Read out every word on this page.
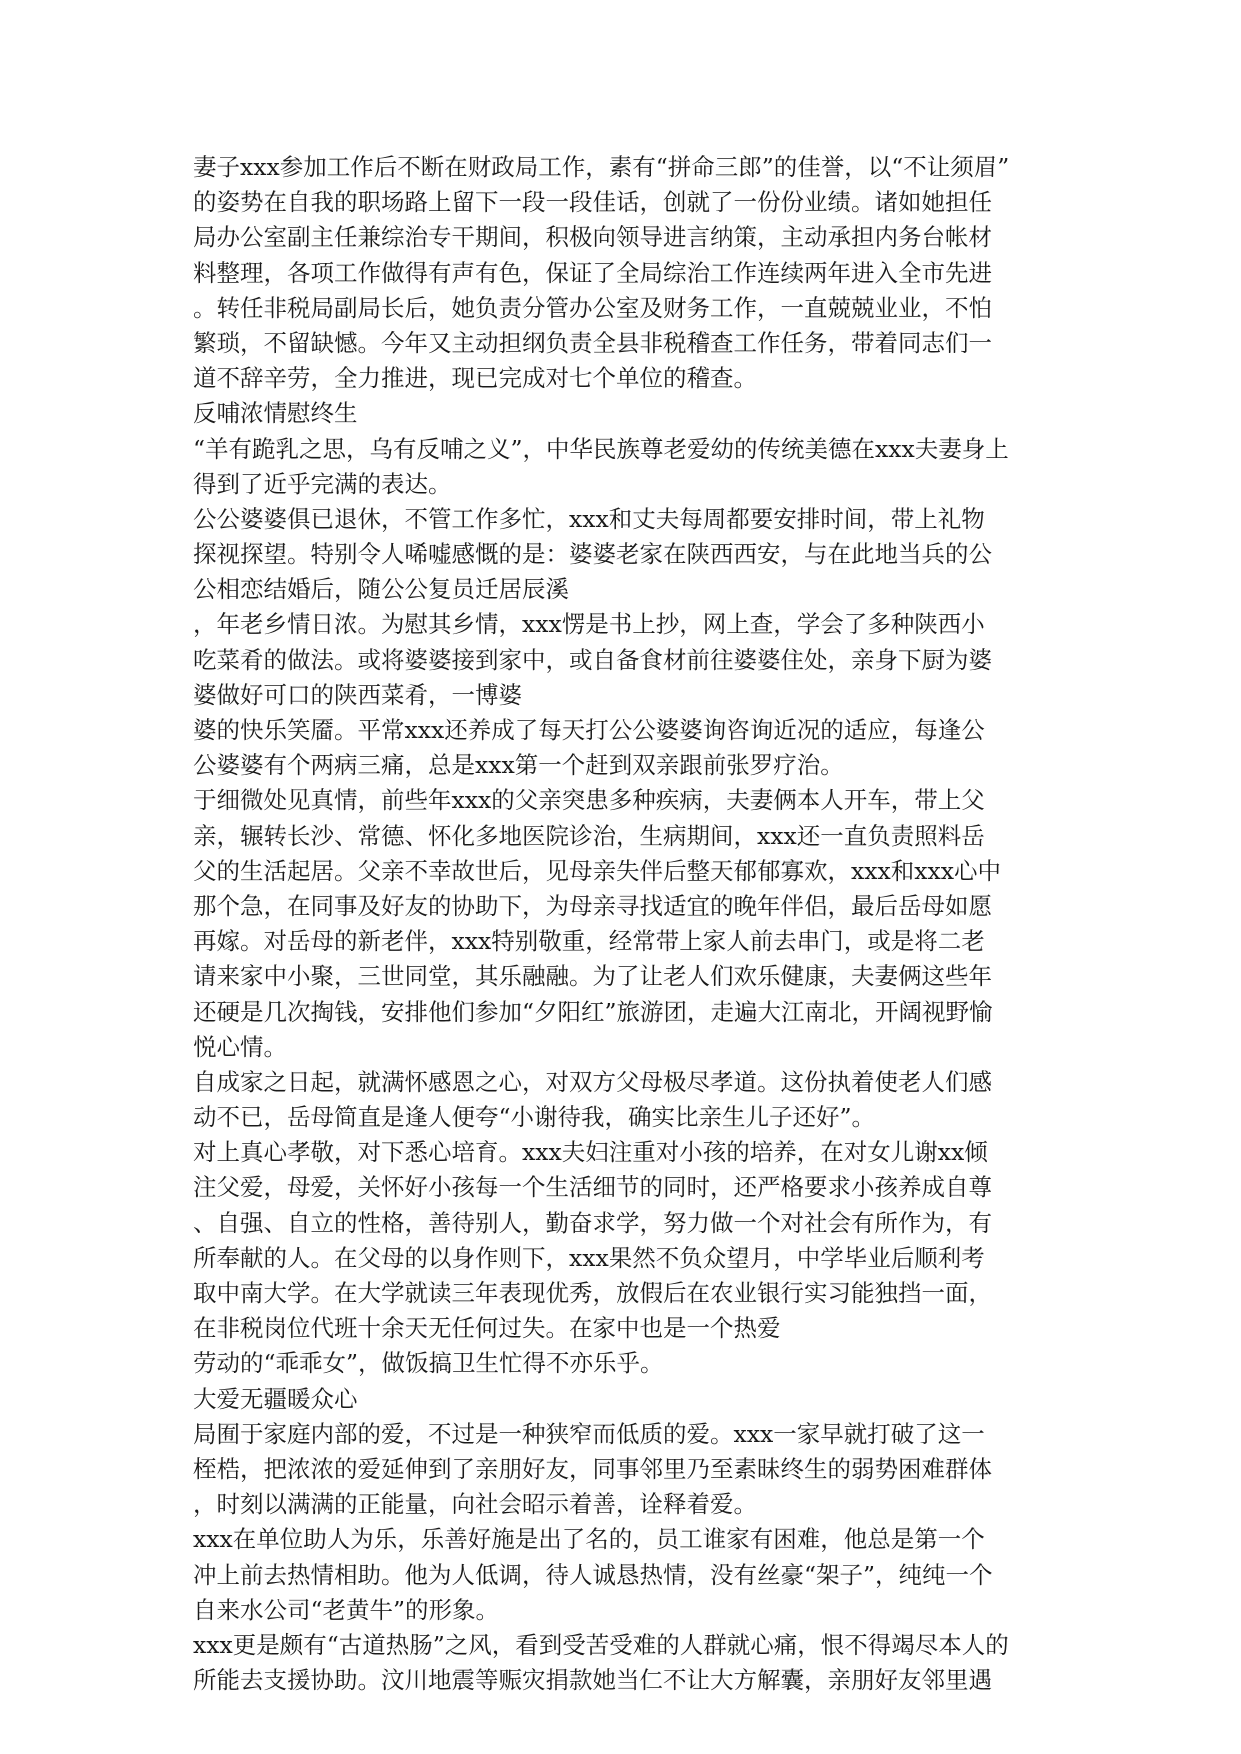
妻子xxx参加工作后不断在财政局工作，素有“拼命三郎”的佳誉，以“不让须眉”
的姿势在自我的职场路上留下一段一段佳话，创就了一份份业绩。诸如她担任
局办公室副主任兼综治专干期间，积极向领导进言纳策，主动承担内务台帐材
料整理，各项工作做得有声有色，保证了全局综治工作连续两年进入全市先进
。转任非税局副局长后，她负责分管办公室及财务工作，一直兢兢业业，不怕
繁琐，不留缺憾。今年又主动担纲负责全县非税稽查工作任务，带着同志们一
道不辞辛劳，全力推进，现已完成对七个单位的稽查。
反哺浓情慰终生
“羊有跪乳之思，乌有反哺之义”，中华民族尊老爱幼的传统美德在xxx夫妻身上
得到了近乎完满的表达。
公公婆婆俱已退休，不管工作多忙，xxx和丈夫每周都要安排时间，带上礼物
探视探望。特别令人唏嘘感慨的是：婆婆老家在陕西西安，与在此地当兵的公
公相恋结婚后，随公公复员迁居辰溪
，年老乡情日浓。为慰其乡情，xxx愣是书上抄，网上查，学会了多种陕西小
吃菜肴的做法。或将婆婆接到家中，或自备食材前往婆婆住处，亲身下厨为婆
婆做好可口的陕西菜肴，一博婆
婆的快乐笑靥。平常xxx还养成了每天打公公婆婆询咨询近况的适应，每逢公
公婆婆有个两病三痛，总是xxx第一个赶到双亲跟前张罗疗治。
于细微处见真情，前些年xxx的父亲突患多种疾病，夫妻俩本人开车，带上父
亲，辗转长沙、常德、怀化多地医院诊治，生病期间，xxx还一直负责照料岳
父的生活起居。父亲不幸故世后，见母亲失伴后整天郁郁寡欢，xxx和xxx心中
那个急，在同事及好友的协助下，为母亲寻找适宜的晚年伴侣，最后岳母如愿
再嫁。对岳母的新老伴，xxx特别敬重，经常带上家人前去串门，或是将二老
请来家中小聚，三世同堂，其乐融融。为了让老人们欢乐健康，夫妻俩这些年
还硬是几次掏钱，安排他们参加“夕阳红”旅游团，走遍大江南北，开阔视野愉
悦心情。
自成家之日起，就满怀感恩之心，对双方父母极尽孝道。这份执着使老人们感
动不已，岳母简直是逢人便夸“小谢待我，确实比亲生儿子还好”。
对上真心孝敬，对下悉心培育。xxx夫妇注重对小孩的培养，在对女儿谢xx倾
注父爱，母爱，关怀好小孩每一个生活细节的同时，还严格要求小孩养成自尊
、自强、自立的性格，善待别人，勤奋求学，努力做一个对社会有所作为，有
所奉献的人。在父母的以身作则下，xxx果然不负众望月，中学毕业后顺利考
取中南大学。在大学就读三年表现优秀，放假后在农业银行实习能独挡一面，
在非税岗位代班十余天无任何过失。在家中也是一个热爱
劳动的“乖乖女”，做饭搞卫生忙得不亦乐乎。
大爱无疆暖众心
局囿于家庭内部的爱，不过是一种狭窄而低质的爱。xxx一家早就打破了这一
桎梏，把浓浓的爱延伸到了亲朋好友，同事邻里乃至素昧终生的弱势困难群体
，时刻以满满的正能量，向社会昭示着善，诠释着爱。
xxx在单位助人为乐，乐善好施是出了名的，员工谁家有困难，他总是第一个
冲上前去热情相助。他为人低调，待人诚恳热情，没有丝豪“架子”，纯纯一个
自来水公司“老黄牛”的形象。
xxx更是颇有“古道热肠”之风，看到受苦受难的人群就心痛，恨不得竭尽本人的
所能去支援协助。汶川地震等赈灾捐款她当仁不让大方解囊，亲朋好友邻里遇
